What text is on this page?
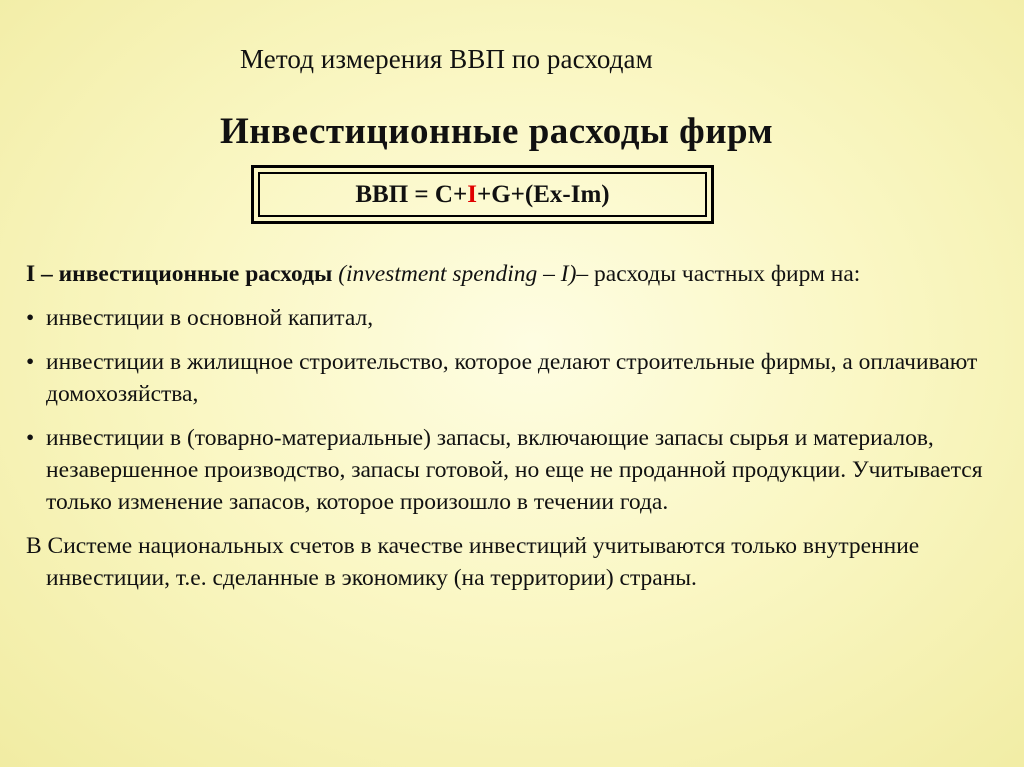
Метод измерения ВВП по расходам
Инвестиционные расходы фирм
ВВП = С+ I +G+(Ex-Im)

I – инвестиционные расходы (investment spending – I)– расходы частных фирм на:

• инвестиции в основной капитал,
• инвестиции в жилищное строительство, которое делают строительные фирмы, а оплачивают домохозяйства,
• инвестиции в (товарно-материальные) запасы, включающие запасы сырья и материалов, незавершенное производство, запасы готовой, но еще не проданной продукции. Учитывается только изменение запасов, которое произошло в течении года.

В Системе национальных счетов в качестве инвестиций учитываются только внутренние инвестиции, т.е. сделанные в экономику (на территории) страны.
